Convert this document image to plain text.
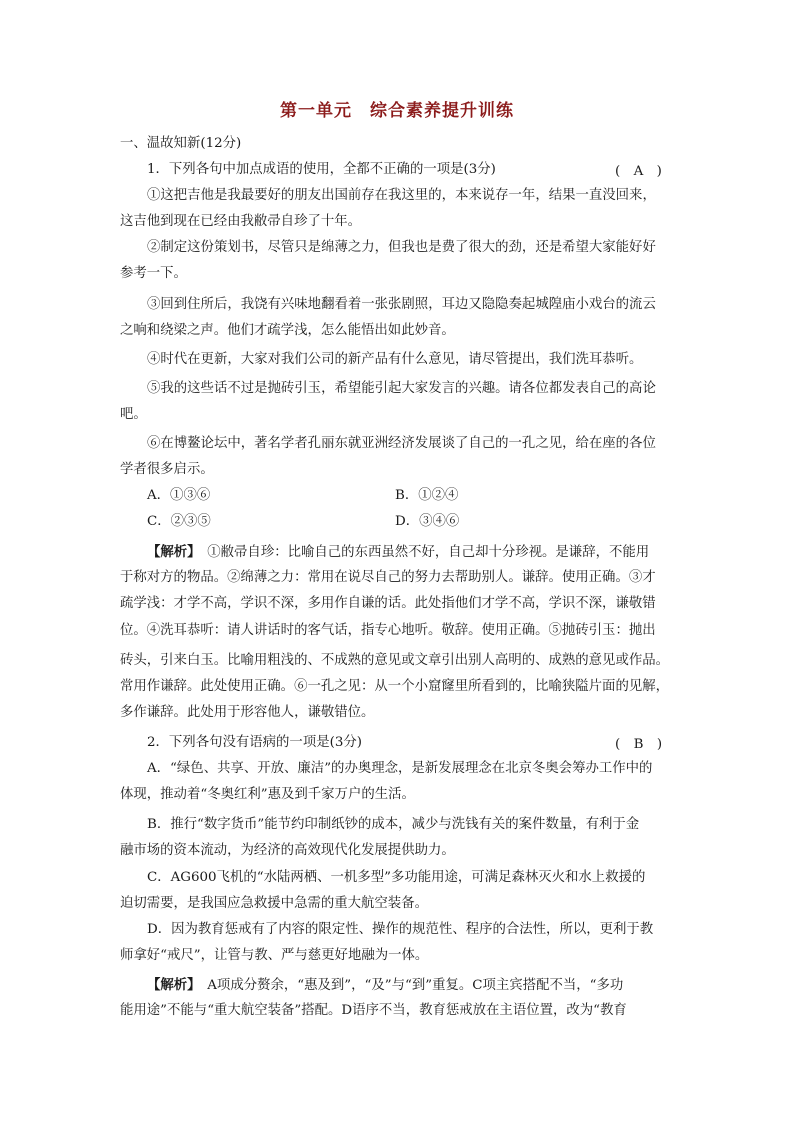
第一单元　综合素养提升训练
一、温故知新(12分)
1．下列各句中加点成语的使用，全都不正确的一项是(3分)	(　A　)
①这把吉他是我最要好的朋友出国前存在我这里的，本来说存一年，结果一直没回来，
这吉他到现在已经由我敝帚自珍了十年。
②制定这份策划书，尽管只是绵薄之力，但我也是费了很大的劲，还是希望大家能好好
参考一下。
③回到住所后，我饶有兴味地翻看着一张张剧照，耳边又隐隐奏起城隍庙小戏台的流云
之响和绕梁之声。他们才疏学浅，怎么能悟出如此妙音。
④时代在更新，大家对我们公司的新产品有什么意见，请尽管提出，我们洗耳恭听。
⑤我的这些话不过是抛砖引玉，希望能引起大家发言的兴趣。请各位都发表自己的高论
吧。
⑥在博鳌论坛中，著名学者孔丽东就亚洲经济发展谈了自己的一孔之见，给在座的各位
学者很多启示。
A．①③⑥	B．①②④
C．②③⑤	D．③④⑥
【解析】　①敝帚自珍：比喻自己的东西虽然不好，自己却十分珍视。是谦辞，不能用
于称对方的物品。②绵薄之力：常用在说尽自己的努力去帮助别人。谦辞。使用正确。③才
疏学浅：才学不高，学识不深，多用作自谦的话。此处指他们才学不高，学识不深，谦敬错
位。④洗耳恭听：请人讲话时的客气话，指专心地听。敬辞。使用正确。⑤抛砖引玉：抛出
砖头，引来白玉。比喻用粗浅的、不成熟的意见或文章引出别人高明的、成熟的意见或作品。
常用作谦辞。此处使用正确。⑥一孔之见：从一个小窟窿里所看到的，比喻狭隘片面的见解，
多作谦辞。此处用于形容他人，谦敬错位。
2．下列各句没有语病的一项是(3分)	(　B　)
A．“绿色、共享、开放、廉洁”的办奥理念，是新发展理念在北京冬奥会筹办工作中的
体现，推动着“冬奥红利”惠及到千家万户的生活。
B．推行“数字货币”能节约印制纸钞的成本，减少与洗钱有关的案件数量，有利于金
融市场的资本流动，为经济的高效现代化发展提供助力。
C．AG600飞机的“水陆两栖、一机多型”多功能用途，可满足森林灭火和水上救援的
迫切需要，是我国应急救援中急需的重大航空装备。
D．因为教育惩戒有了内容的限定性、操作的规范性、程序的合法性，所以，更利于教
师拿好“戒尺”，让管与教、严与慈更好地融为一体。
【解析】　A项成分赘余，“惠及到”，“及”与“到”重复。C项主宾搭配不当，“多功
能用途”不能与“重大航空装备”搭配。D语序不当，教育惩戒放在主语位置，改为“教育
